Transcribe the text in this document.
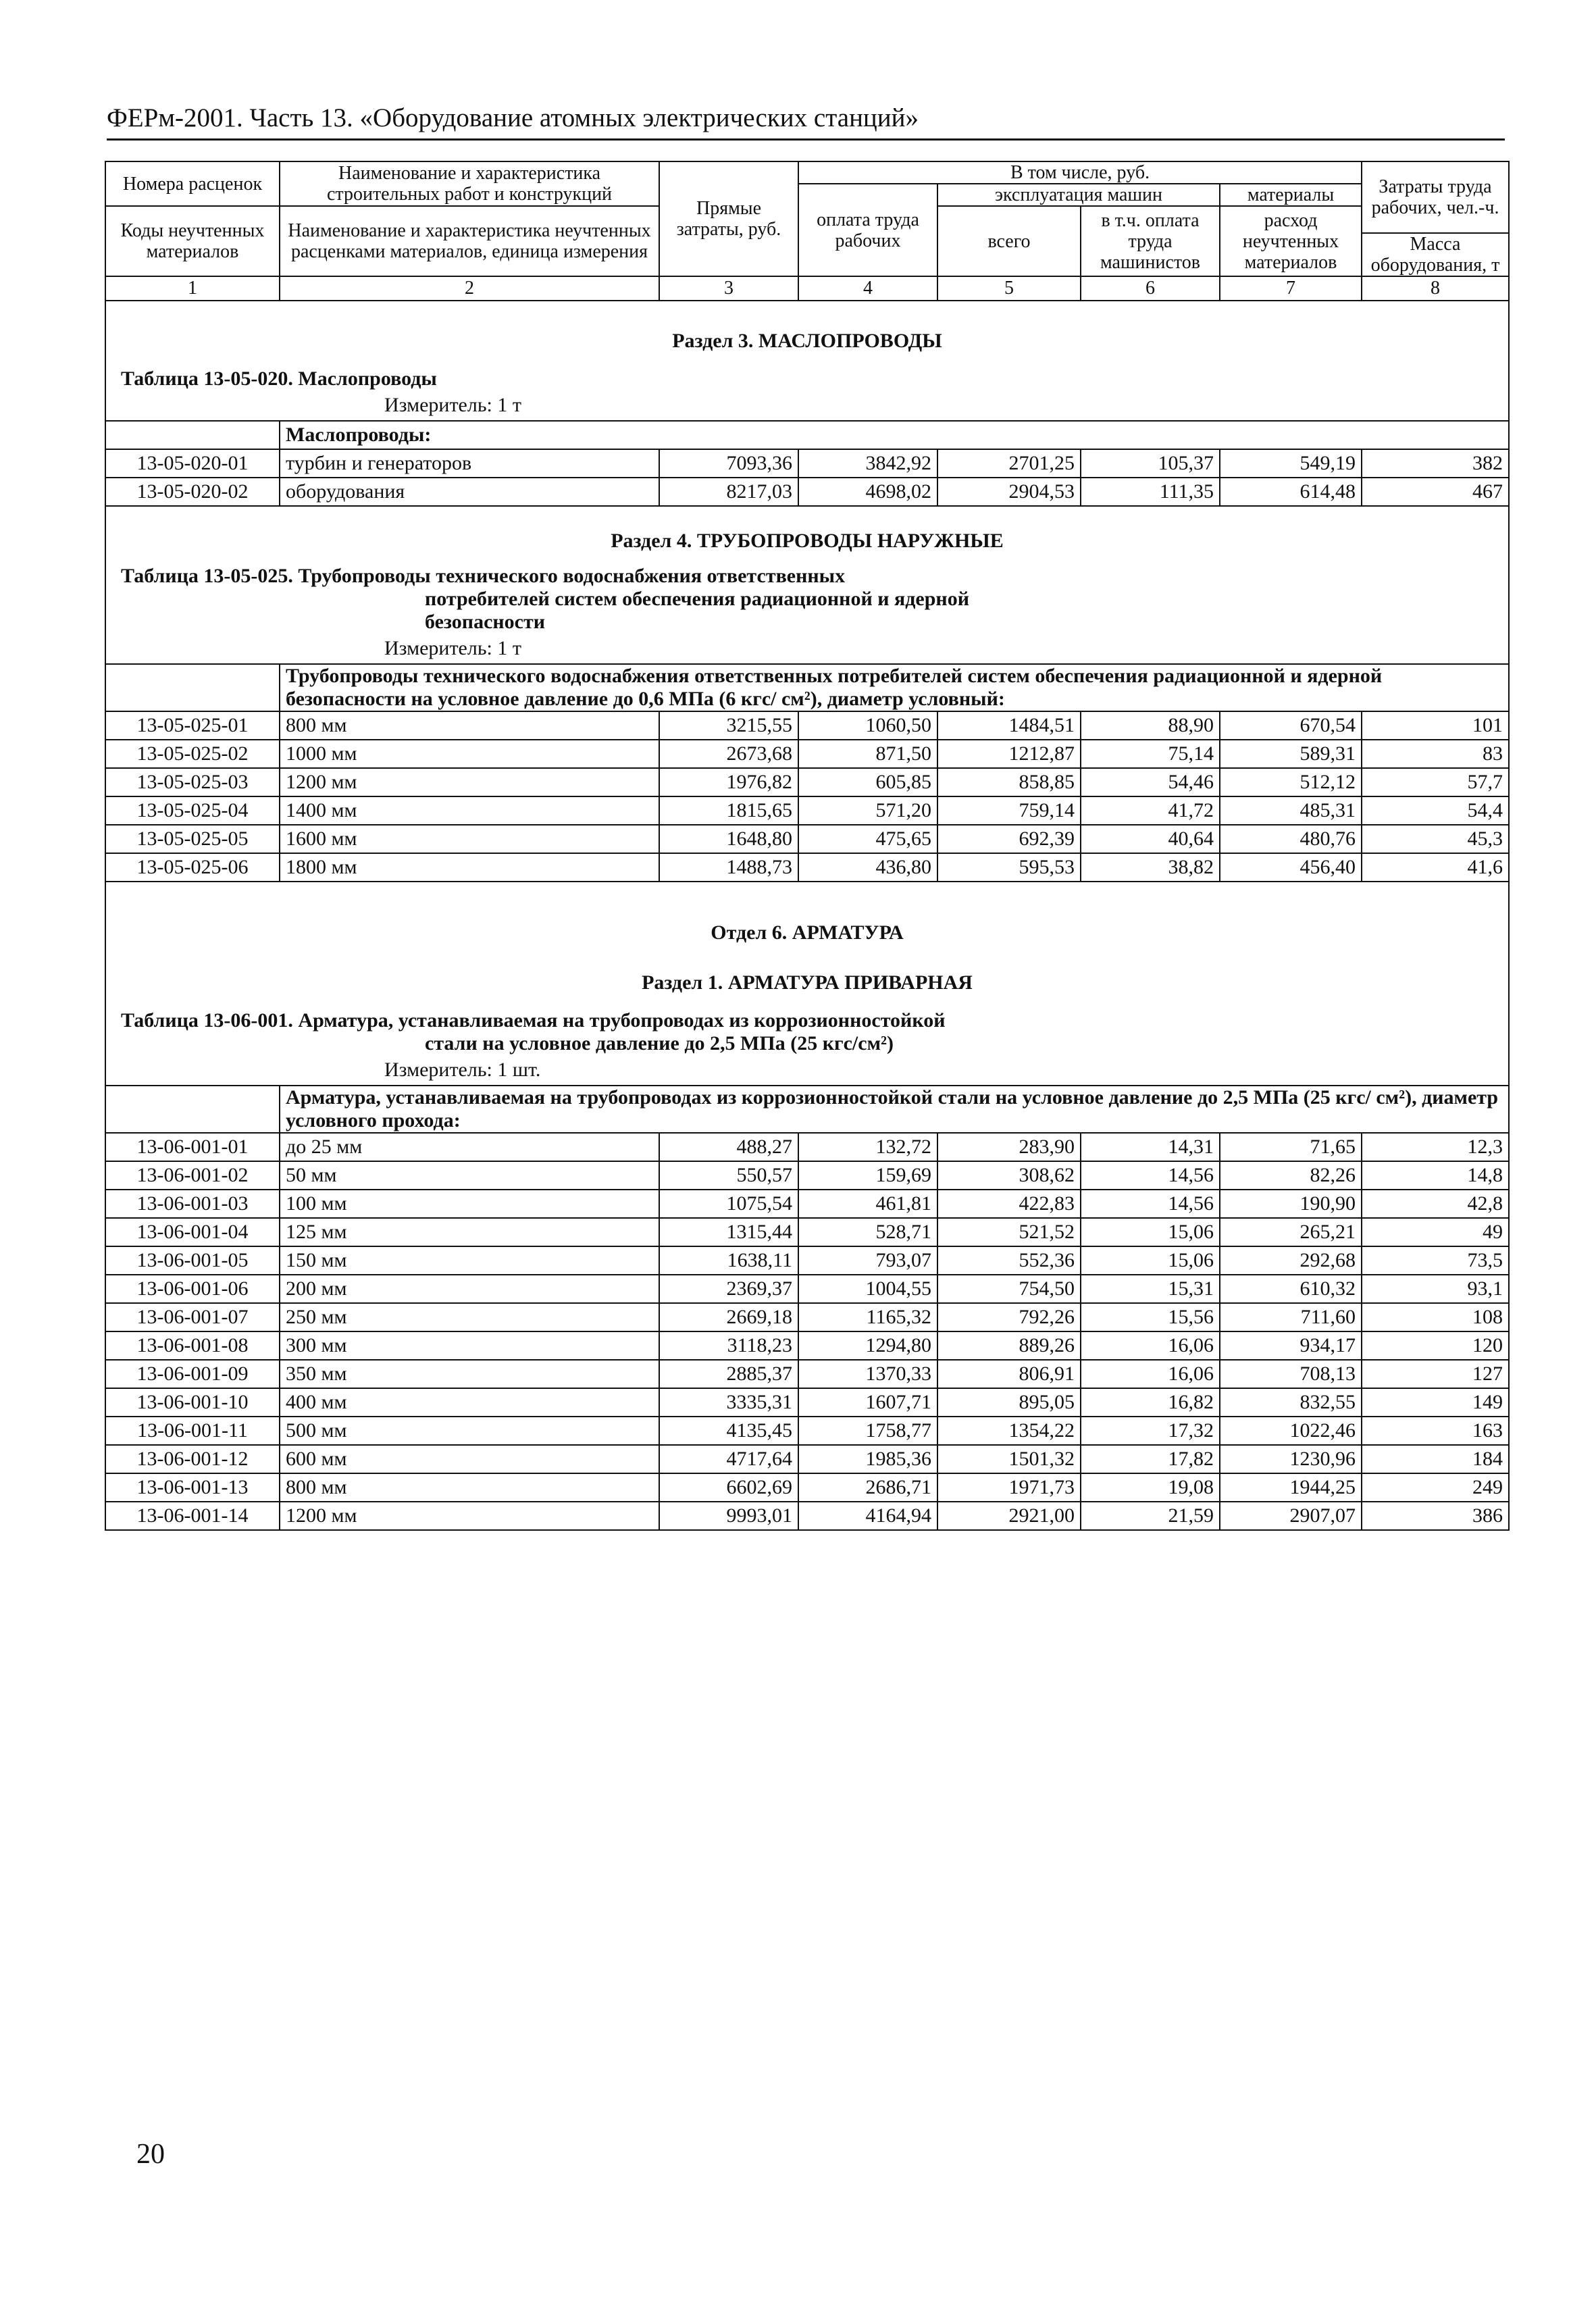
ФЕРм-2001. Часть 13. «Оборудование атомных электрических станций»
Номера расценок	Наименование и характеристика строительных работ и конструкций	Прямые затраты, руб.	В том числе, руб.				Затраты труда рабочих, чел.-ч.
			оплата труда рабочих	эксплуатация машин		материалы	
Коды неучтенных материалов	Наименование и характеристика неучтенных расценками материалов, единица измерения			всего	в т.ч. оплата труда машинистов	расход неучтенных материалов	

							Масса оборудования, т
1	2	3	4	5	6	7	8
Раздел 3. МАСЛОПРОВОДЫ							
Таблица 13-05-020. Маслопроводы							
Измеритель: 1 т							
	Маслопроводы:						
13-05-020-01	турбин и генераторов	7093,36	3842,92	2701,25	105,37	549,19	382
13-05-020-02	оборудования	8217,03	4698,02	2904,53	111,35	614,48	467
Раздел 4. ТРУБОПРОВОДЫ НАРУЖНЫЕ							
Таблица 13-05-025. Трубопроводы технического водоснабжения ответственных
потребителей систем обеспечения радиационной и ядерной
безопасности							

Измеритель: 1 т							
	Трубопроводы технического водоснабжения ответственных потребителей систем обеспечения радиационной и ядерной безопасности на условное давление до 0,6 МПа (6 кгс/ см²), диаметр условный:						
13-05-025-01	800 мм	3215,55	1060,50	1484,51	88,90	670,54	101
13-05-025-02	1000 мм	2673,68	871,50	1212,87	75,14	589,31	83
13-05-025-03	1200 мм	1976,82	605,85	858,85	54,46	512,12	57,7
13-05-025-04	1400 мм	1815,65	571,20	759,14	41,72	485,31	54,4
13-05-025-05	1600 мм	1648,80	475,65	692,39	40,64	480,76	45,3
13-05-025-06	1800 мм	1488,73	436,80	595,53	38,82	456,40	41,6
Отдел 6. АРМАТУРА							
Раздел 1. АРМАТУРА ПРИВАРНАЯ							
Таблица 13-06-001. Арматура, устанавливаемая на трубопроводах из коррозионностойкой
стали на условное давление до 2,5 МПа (25 кгс/см²)							

Измеритель: 1 шт.							
	Арматура, устанавливаемая на трубопроводах из коррозионностойкой стали на условное давление до 2,5 МПа (25 кгс/ см²), диаметр условного прохода:						
13-06-001-01	до 25 мм	488,27	132,72	283,90	14,31	71,65	12,3
13-06-001-02	50 мм	550,57	159,69	308,62	14,56	82,26	14,8
13-06-001-03	100 мм	1075,54	461,81	422,83	14,56	190,90	42,8
13-06-001-04	125 мм	1315,44	528,71	521,52	15,06	265,21	49
13-06-001-05	150 мм	1638,11	793,07	552,36	15,06	292,68	73,5
13-06-001-06	200 мм	2369,37	1004,55	754,50	15,31	610,32	93,1
13-06-001-07	250 мм	2669,18	1165,32	792,26	15,56	711,60	108
13-06-001-08	300 мм	3118,23	1294,80	889,26	16,06	934,17	120
13-06-001-09	350 мм	2885,37	1370,33	806,91	16,06	708,13	127
13-06-001-10	400 мм	3335,31	1607,71	895,05	16,82	832,55	149
13-06-001-11	500 мм	4135,45	1758,77	1354,22	17,32	1022,46	163
13-06-001-12	600 мм	4717,64	1985,36	1501,32	17,82	1230,96	184
13-06-001-13	800 мм	6602,69	2686,71	1971,73	19,08	1944,25	249
13-06-001-14	1200 мм	9993,01	4164,94	2921,00	21,59	2907,07	386
20
